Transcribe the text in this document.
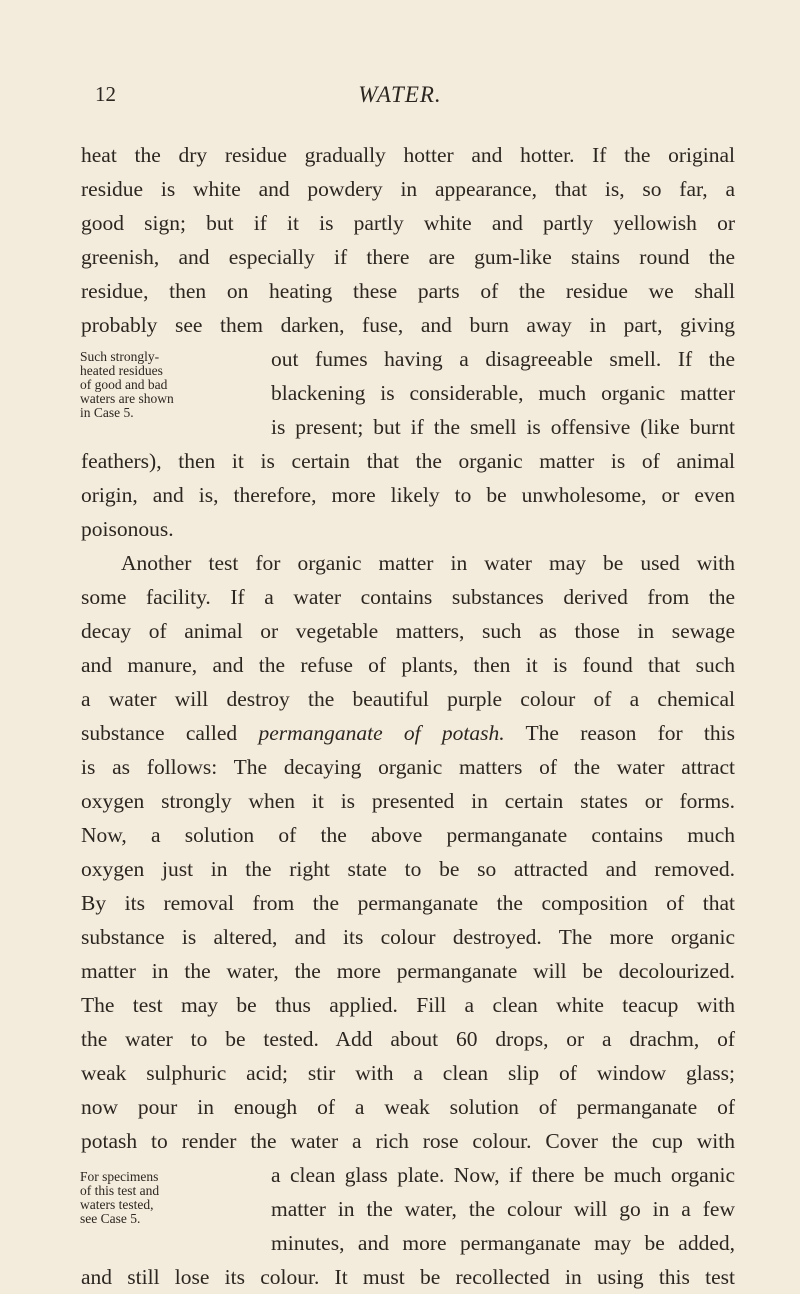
12	WATER.
heat the dry residue gradually hotter and hotter. If the original
residue is white and powdery in appearance, that is, so far, a
good sign; but if it is partly white and partly yellowish or
greenish, and especially if there are gum-like stains round the
residue, then on heating these parts of the residue we shall
probably see them darken, fuse, and burn away in part, giving
out fumes having a disagreeable smell. If the
blackening is considerable, much organic matter
is present; but if the smell is offensive (like burnt
feathers), then it is certain that the organic matter is of animal
origin, and is, therefore, more likely to be unwholesome, or even
poisonous.
Another test for organic matter in water may be used with
some facility. If a water contains substances derived from the
decay of animal or vegetable matters, such as those in sewage
and manure, and the refuse of plants, then it is found that such
a water will destroy the beautiful purple colour of a chemical
substance called permanganate of potash. The reason for this
is as follows: The decaying organic matters of the water attract
oxygen strongly when it is presented in certain states or forms.
Now, a solution of the above permanganate contains much
oxygen just in the right state to be so attracted and removed.
By its removal from the permanganate the composition of that
substance is altered, and its colour destroyed. The more organic
matter in the water, the more permanganate will be decolourized.
The test may be thus applied. Fill a clean white teacup with
the water to be tested. Add about 60 drops, or a drachm, of
weak sulphuric acid; stir with a clean slip of window glass;
now pour in enough of a weak solution of permanganate of
potash to render the water a rich rose colour. Cover the cup with
a clean glass plate. Now, if there be much organic
matter in the water, the colour will go in a few
minutes, and more permanganate may be added,
and still lose its colour. It must be recollected in using this test
Such strongly-
heated residues
of good and bad
waters are shown
in Case 5.
For specimens
of this test and
waters tested,
see Case 5.
